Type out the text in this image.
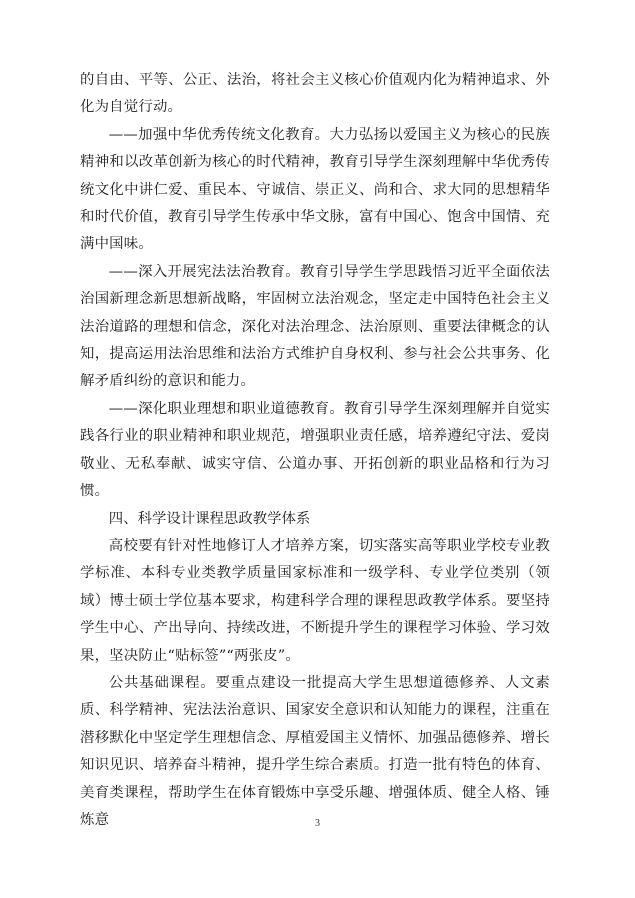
的自由、平等、公正、法治，将社会主义核心价值观内化为精神追求、外化为自觉行动。

——加强中华优秀传统文化教育。大力弘扬以爱国主义为核心的民族精神和以改革创新为核心的时代精神，教育引导学生深刻理解中华优秀传统文化中讲仁爱、重民本、守诚信、崇正义、尚和合、求大同的思想精华和时代价值，教育引导学生传承中华文脉，富有中国心、饱含中国情、充满中国味。

——深入开展宪法法治教育。教育引导学生学思践悟习近平全面依法治国新理念新思想新战略，牢固树立法治观念，坚定走中国特色社会主义法治道路的理想和信念，深化对法治理念、法治原则、重要法律概念的认知，提高运用法治思维和法治方式维护自身权利、参与社会公共事务、化解矛盾纠纷的意识和能力。

——深化职业理想和职业道德教育。教育引导学生深刻理解并自觉实践各行业的职业精神和职业规范，增强职业责任感，培养遵纪守法、爱岗敬业、无私奉献、诚实守信、公道办事、开拓创新的职业品格和行为习惯。

四、科学设计课程思政教学体系

高校要有针对性地修订人才培养方案，切实落实高等职业学校专业教学标准、本科专业类教学质量国家标准和一级学科、专业学位类别（领域）博士硕士学位基本要求，构建科学合理的课程思政教学体系。要坚持学生中心、产出导向、持续改进，不断提升学生的课程学习体验、学习效果，坚决防止“贴标签”“两张皮”。

公共基础课程。要重点建设一批提高大学生思想道德修养、人文素质、科学精神、宪法法治意识、国家安全意识和认知能力的课程，注重在潜移默化中坚定学生理想信念、厚植爱国主义情怀、加强品德修养、增长知识见识、培养奋斗精神，提升学生综合素质。打造一批有特色的体育、美育类课程，帮助学生在体育锻炼中享受乐趣、增强体质、健全人格、锤炼意	3
